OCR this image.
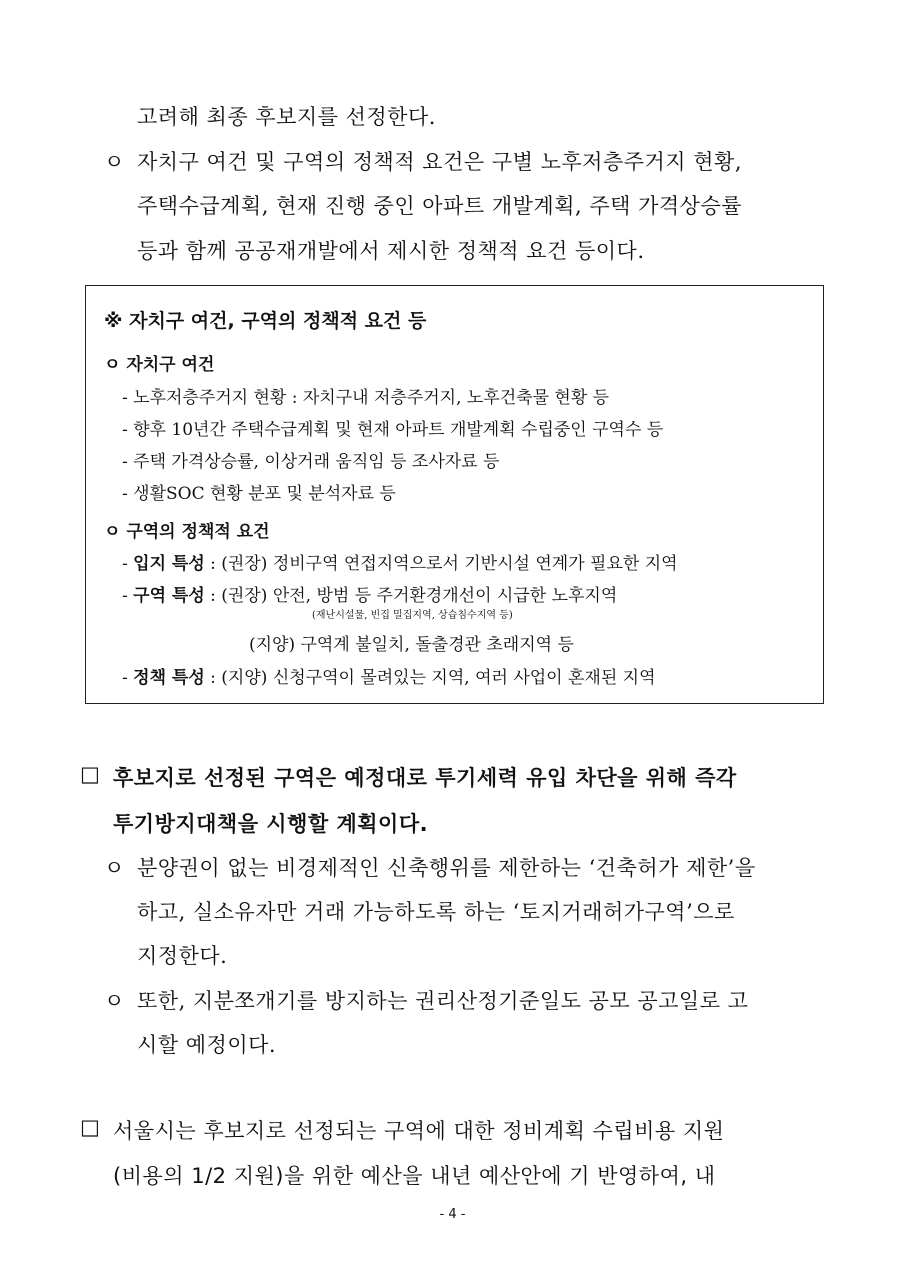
고려해 최종 후보지를 선정한다.
ㅇ 자치구 여건 및 구역의 정책적 요건은 구별 노후저층주거지 현황,
주택수급계획, 현재 진행 중인 아파트 개발계획, 주택 가격상승률
등과 함께 공공재개발에서 제시한 정책적 요건 등이다.
※ 자치구 여건, 구역의 정책적 요건 등
ㅇ 자치구 여건
- 노후저층주거지 현황 : 자치구내 저층주거지, 노후건축물 현황 등
- 향후 10년간 주택수급계획 및 현재 아파트 개발계획 수립중인 구역수 등
- 주택 가격상승률, 이상거래 움직임 등 조사자료 등
- 생활SOC 현황 분포 및 분석자료 등
ㅇ 구역의 정책적 요건
- 입지 특성 : (권장) 정비구역 연접지역으로서 기반시설 연계가 필요한 지역
- 구역 특성 : (권장) 안전, 방범 등 주거환경개선이 시급한 노후지역
(재난시설물, 빈집 밀집지역, 상습침수지역 등)
(지양) 구역계 불일치, 돌출경관 초래지역 등
- 정책 특성 : (지양) 신청구역이 몰려있는 지역, 여러 사업이 혼재된 지역
□ 후보지로 선정된 구역은 예정대로 투기세력 유입 차단을 위해 즉각
투기방지대책을 시행할 계획이다.
ㅇ 분양권이 없는 비경제적인 신축행위를 제한하는 ‘건축허가 제한’을
하고, 실소유자만 거래 가능하도록 하는 ‘토지거래허가구역’으로
지정한다.
ㅇ 또한, 지분쪼개기를 방지하는 권리산정기준일도 공모 공고일로 고
시할 예정이다.
□ 서울시는 후보지로 선정되는 구역에 대한 정비계획 수립비용 지원
(비용의 1/2 지원)을 위한 예산을 내년 예산안에 기 반영하여, 내
- 4 -
